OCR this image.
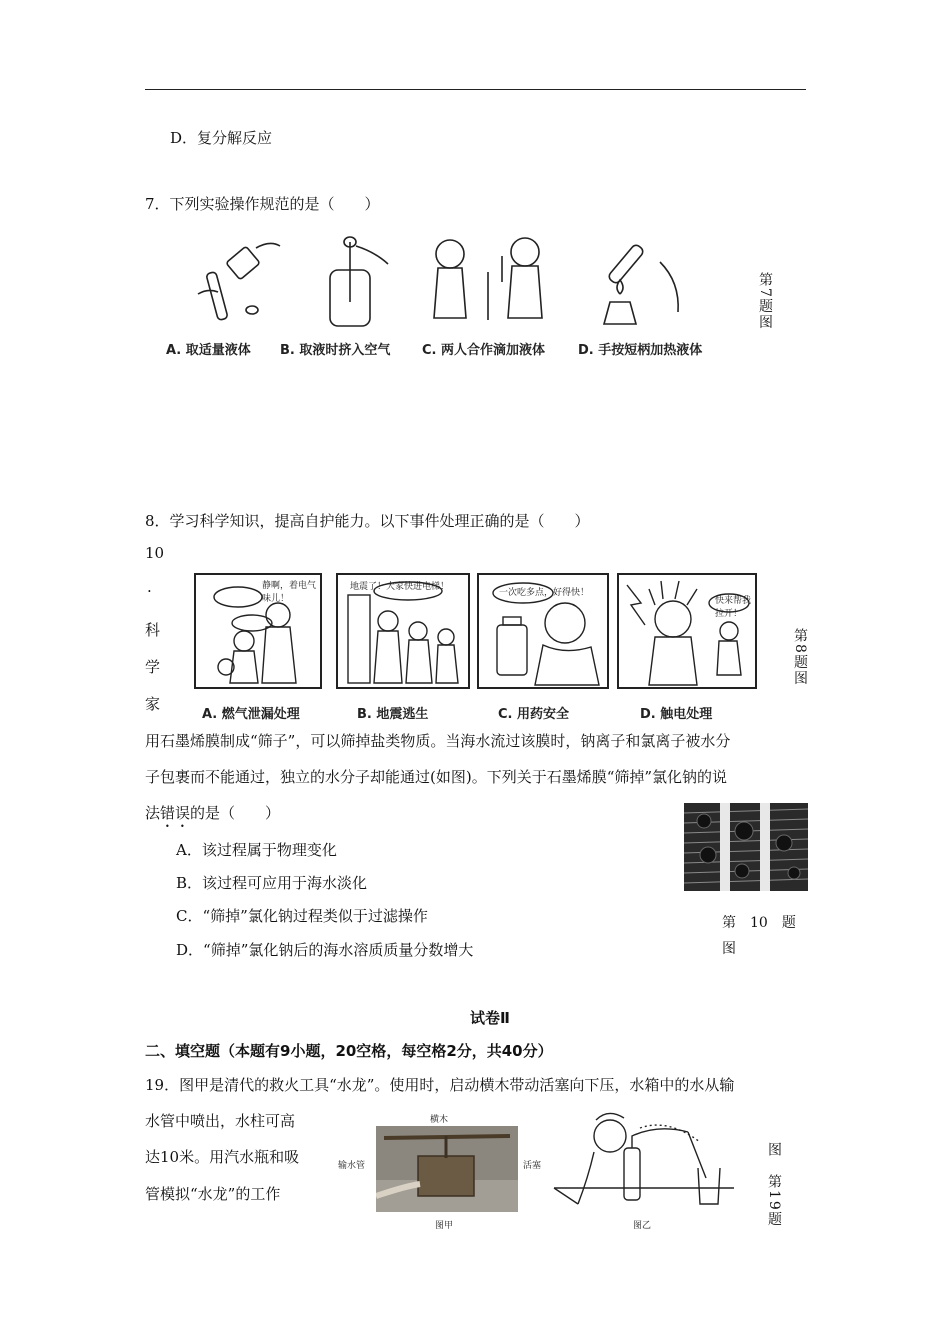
D．复分解反应
7．下列实验操作规范的是（　　）
A. 取适量液体 B. 取液时挤入空气 C. 两人合作滴加液体	D. 手按短柄加热液体
第7题图
8．学习科学知识，提高自护能力。以下事件处理正确的是（　　）
10
.
科
学
家
静啊，着电气味儿！
地震了！大家快进电梯！
一次吃多点，好得快！
快来帮我拉开！
A. 燃气泄漏处理	B. 地震逃生	C. 用药安全	D. 触电处理
第8题图
用石墨烯膜制成“筛子”，可以筛掉盐类物质。当海水流过该膜时，钠离子和氯离子被水分
子包裹而不能通过，独立的水分子却能通过(如图)。下列关于石墨烯膜“筛掉”氯化钠的说
法错误的是（　　）
A．该过程属于物理变化
B．该过程可应用于海水淡化
C．“筛掉”氯化钠过程类似于过滤操作
D．“筛掉”氯化钠后的海水溶质质量分数增大
第　10　题
图
试卷Ⅱ
二、填空题（本题有9小题，20空格，每空格2分，共40分）
19．图甲是清代的救火工具“水龙”。使用时，启动横木带动活塞向下压，水箱中的水从输
水管中喷出，水柱可高
达10米。用汽水瓶和吸
管模拟“水龙”的工作
横木
输水管	活塞
图甲	图乙	图　第19题
